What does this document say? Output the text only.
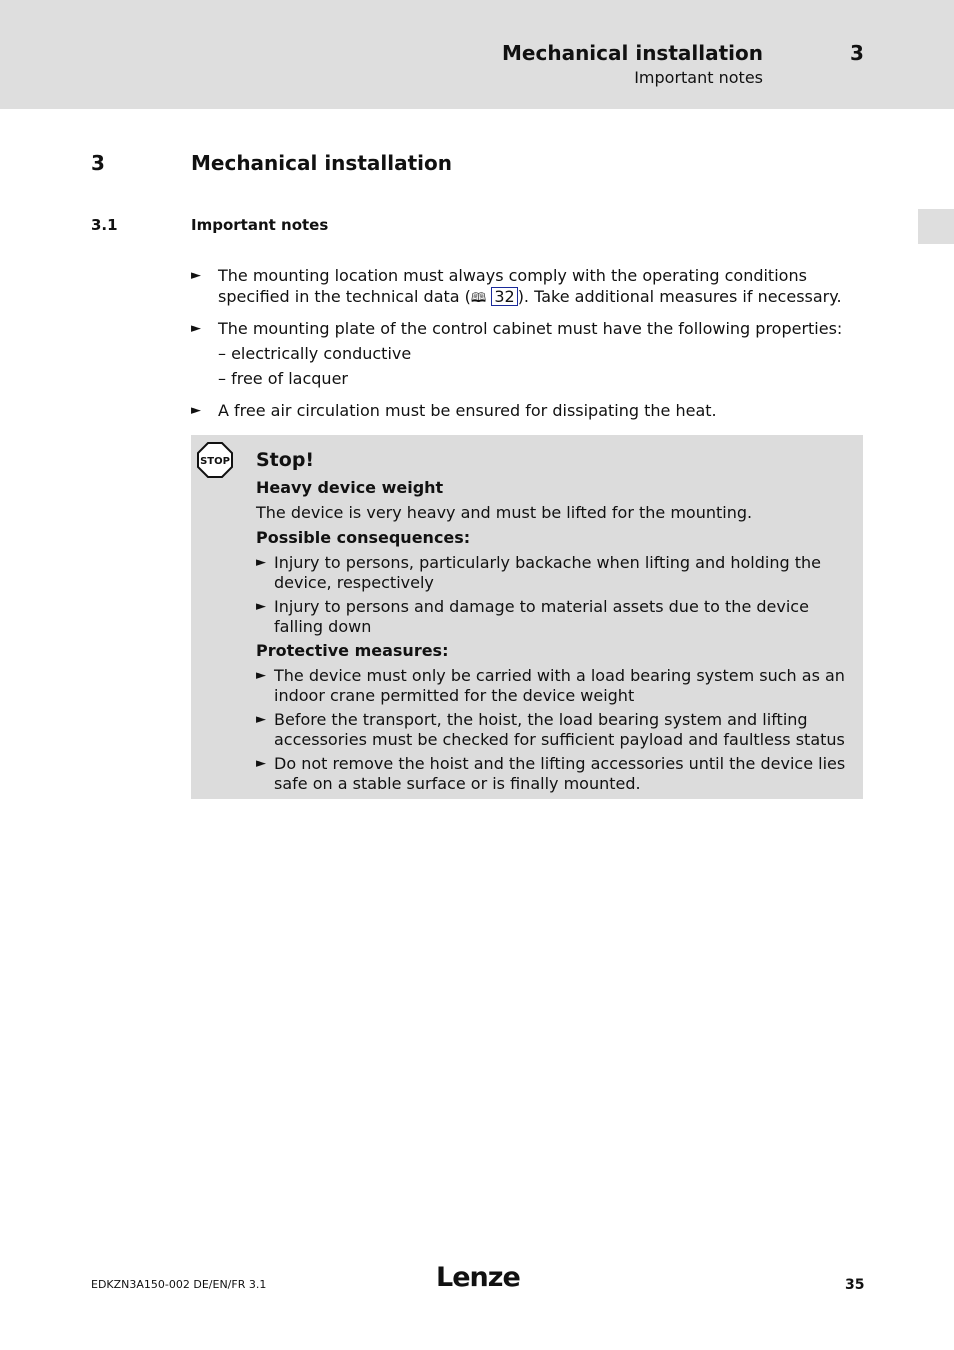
Mechanical installation	3
Important notes
3	Mechanical installation
3.1	Important notes
► The mounting location must always comply with the operating conditions specified in the technical data (🕮 32 ). Take additional measures if necessary.
► The mounting plate of the control cabinet must have the following properties:
– electrically conductive
– free of lacquer
► A free air circulation must be ensured for dissipating the heat.
STOP Stop!
Heavy device weight
The device is very heavy and must be lifted for the mounting.
Possible consequences:
► Injury to persons, particularly backache when lifting and holding the device, respectively
► Injury to persons and damage to material assets due to the device falling down
Protective measures:
► The device must only be carried with a load bearing system such as an indoor crane permitted for the device weight
► Before the transport, the hoist, the load bearing system and lifting accessories must be checked for sufficient payload and faultless status
► Do not remove the hoist and the lifting accessories until the device lies safe on a stable surface or is finally mounted.
EDKZN3A150-002 DE/EN/FR 3.1	Lenze	35
